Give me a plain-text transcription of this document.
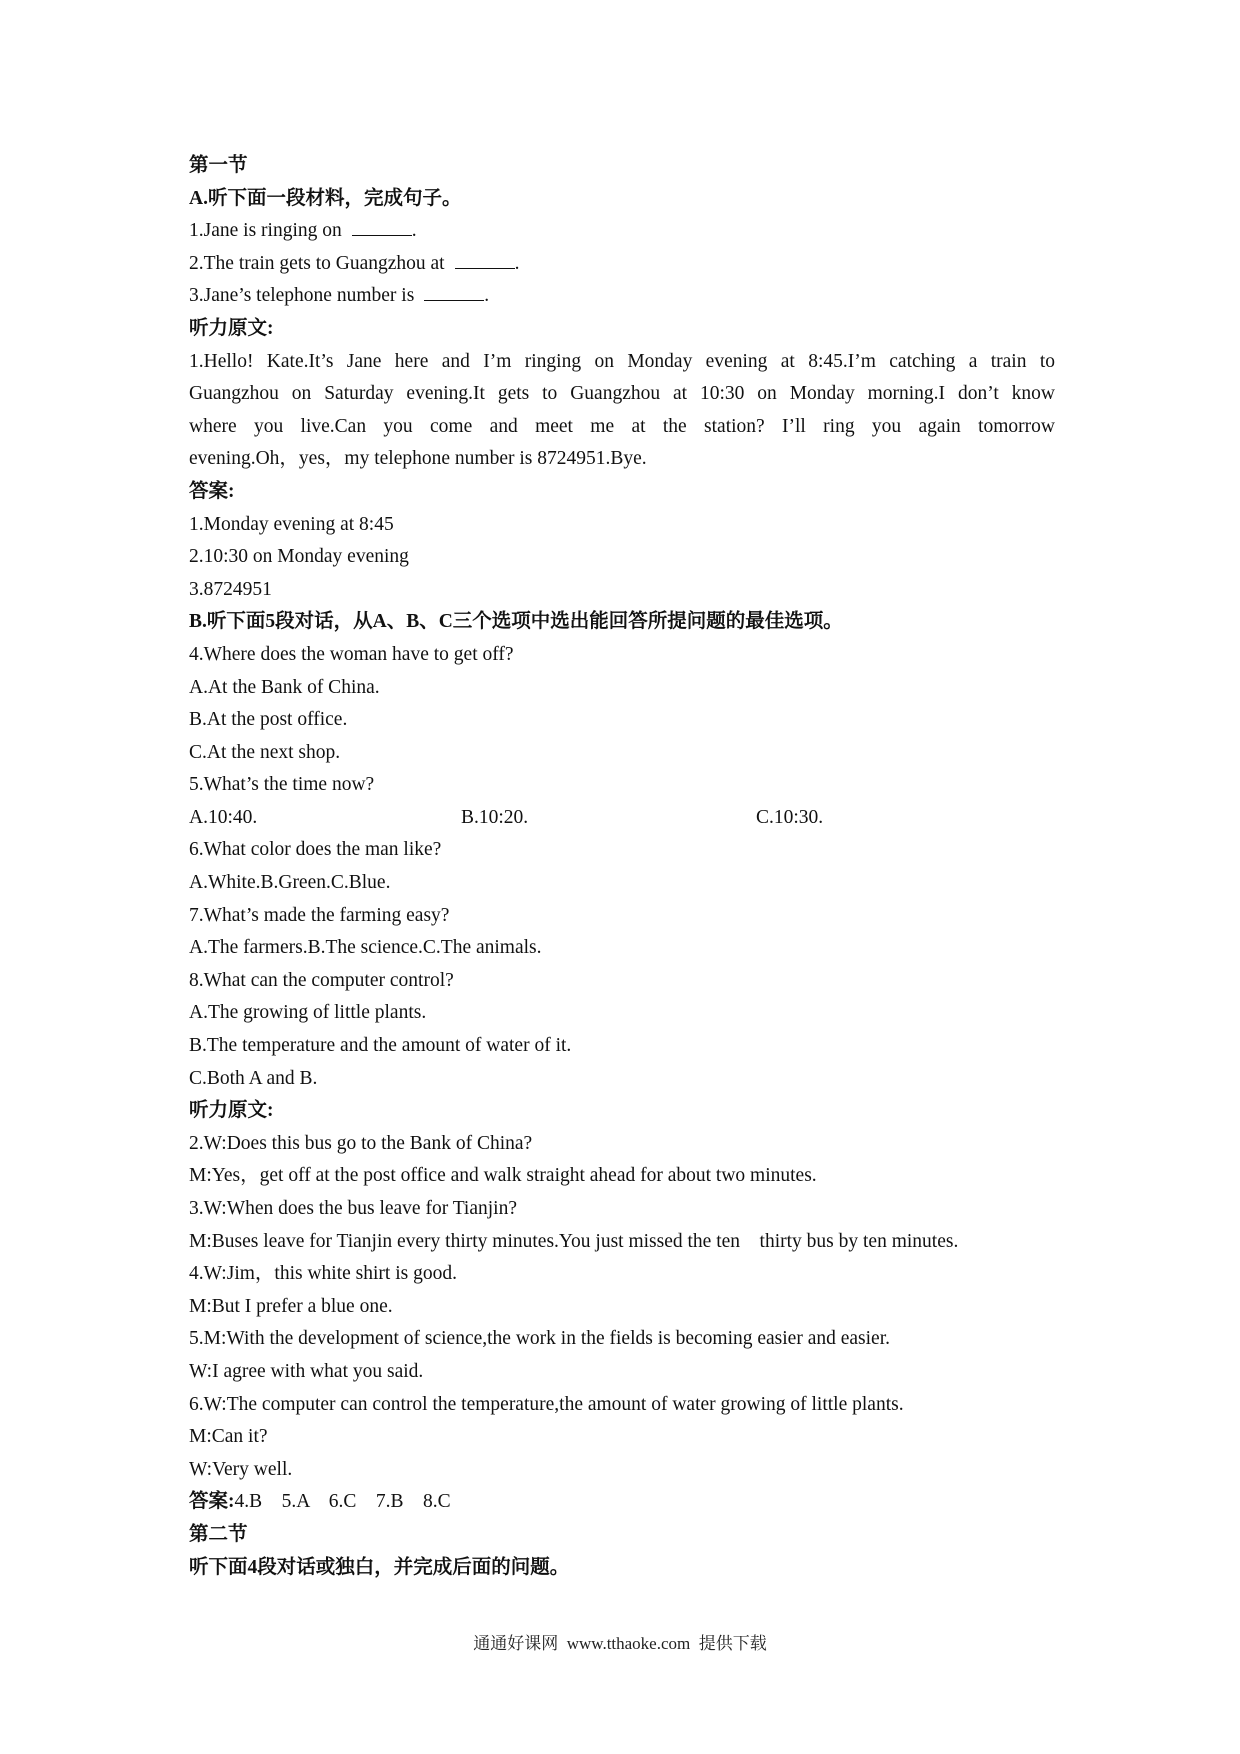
第一节
A.听下面一段材料，完成句子。
1.Jane is ringing on	.
2.The train gets to Guangzhou at	.
3.Jane’s telephone number is	.
听力原文:
1.Hello! Kate.It’s Jane here and I’m ringing on Monday evening at 8:45.I’m catching a train to
Guangzhou on Saturday evening.It gets to Guangzhou at 10:30 on Monday morning.I don’t know
where you live.Can you come and meet me at the station? I’ll ring you again tomorrow
evening.Oh，yes，my telephone number is 8724951.Bye.
答案:
1.Monday evening at 8:45
2.10:30 on Monday evening
3.8724951
B.听下面5段对话，从A、B、C三个选项中选出能回答所提问题的最佳选项。
4.Where does the woman have to get off?
A.At the Bank of China.
B.At the post office.
C.At the next shop.
5.What’s the time now?
A.10:40.	B.10:20.	C.10:30.
6.What color does the man like?
A.White.B.Green.C.Blue.
7.What’s made the farming easy?
A.The farmers.B.The science.C.The animals.
8.What can the computer control?
A.The growing of little plants.
B.The temperature and the amount of water of it.
C.Both A and B.
听力原文:
2.W:Does this bus go to the Bank of China?
M:Yes，get off at the post office and walk straight ahead for about two minutes.
3.W:When does the bus leave for Tianjin?
M:Buses leave for Tianjin every thirty minutes.You just missed the ten    thirty bus by ten minutes.
4.W:Jim，this white shirt is good.
M:But I prefer a blue one.
5.M:With the development of science,the work in the fields is becoming easier and easier.
W:I agree with what you said.
6.W:The computer can control the temperature,the amount of water growing of little plants.
M:Can it?
W:Very well.
答案:4.B    5.A    6.C    7.B    8.C
第二节
听下面4段对话或独白，并完成后面的问题。
通通好课网  www.tthaoke.com  提供下载
